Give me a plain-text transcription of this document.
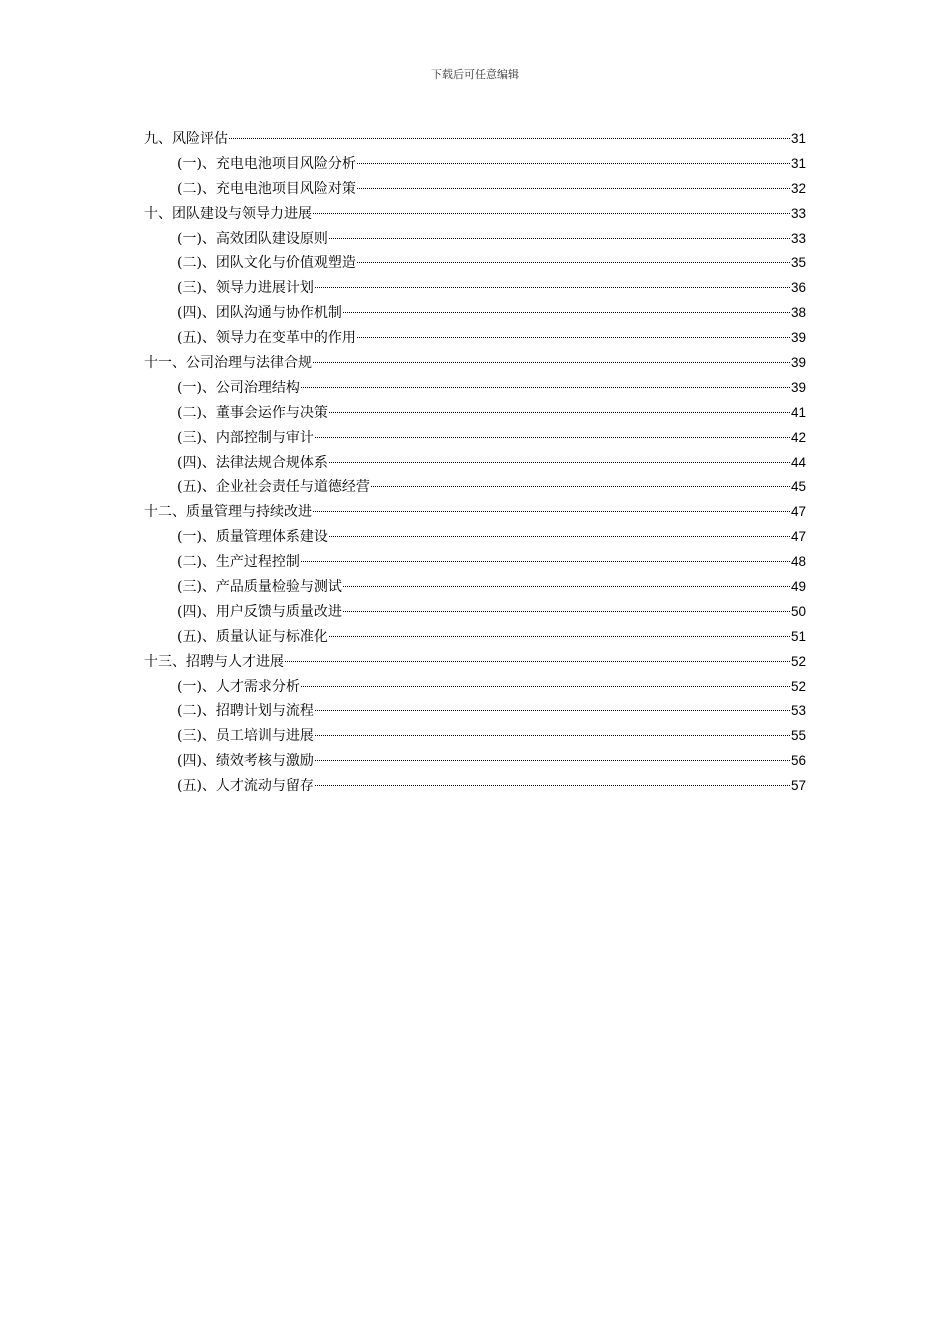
下载后可任意编辑
九、风险评估	31
(一)、充电电池项目风险分析	31
(二)、充电电池项目风险对策	32
十、团队建设与领导力进展	33
(一)、高效团队建设原则	33
(二)、团队文化与价值观塑造	35
(三)、领导力进展计划	36
(四)、团队沟通与协作机制	38
(五)、领导力在变革中的作用	39
十一、公司治理与法律合规	39
(一)、公司治理结构	39
(二)、董事会运作与决策	41
(三)、内部控制与审计	42
(四)、法律法规合规体系	44
(五)、企业社会责任与道德经营	45
十二、质量管理与持续改进	47
(一)、质量管理体系建设	47
(二)、生产过程控制	48
(三)、产品质量检验与测试	49
(四)、用户反馈与质量改进	50
(五)、质量认证与标准化	51
十三、招聘与人才进展	52
(一)、人才需求分析	52
(二)、招聘计划与流程	53
(三)、员工培训与进展	55
(四)、绩效考核与激励	56
(五)、人才流动与留存	57
